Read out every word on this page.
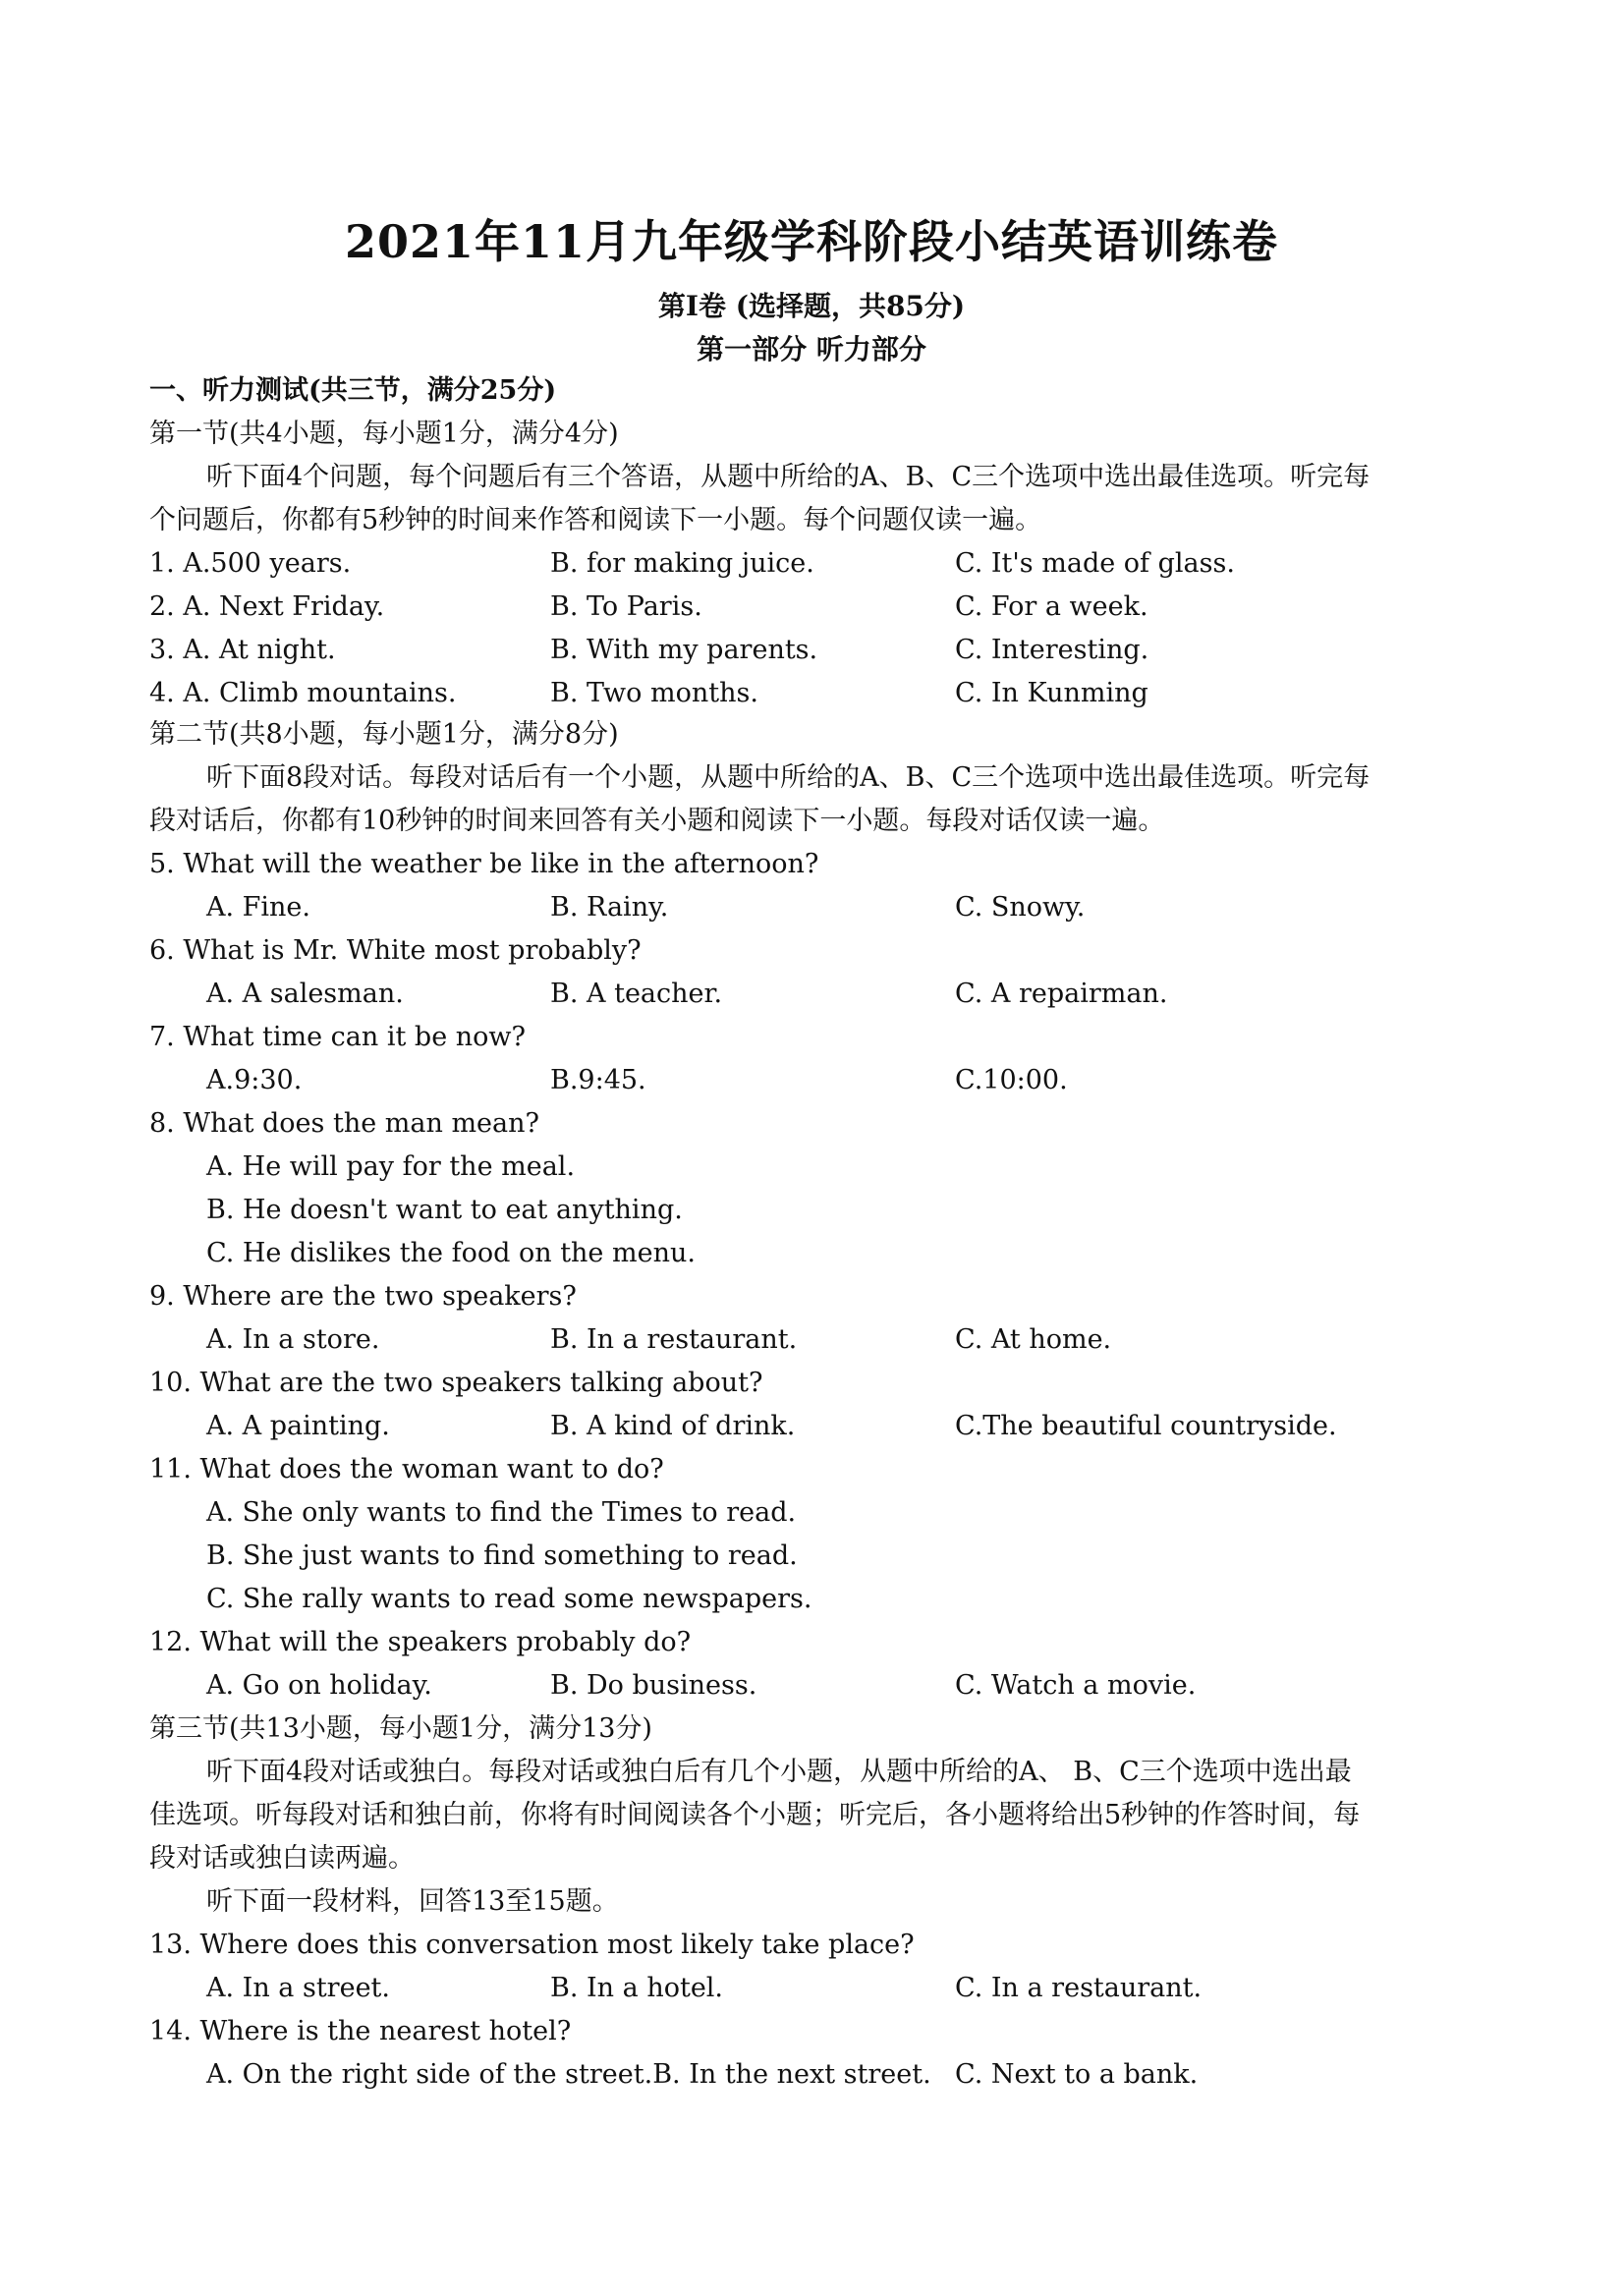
2021年11月九年级学科阶段小结英语训练卷
第I卷 (选择题，共85分)
第一部分 听力部分
一、听力测试(共三节，满分25分)
第一节(共4小题，每小题1分，满分4分)
听下面4个问题，每个问题后有三个答语，从题中所给的A、B、C三个选项中选出最佳选项。听完每
个问题后，你都有5秒钟的时间来作答和阅读下一小题。每个问题仅读一遍。
1. A.500 years.	B. for making juice.	C. It's made of glass.
2. A. Next Friday.	B. To Paris.	C. For a week.
3. A. At night.	B. With my parents.	C. Interesting.
4. A. Climb mountains.	B. Two months.	C. In Kunming
第二节(共8小题，每小题1分，满分8分)
听下面8段对话。每段对话后有一个小题，从题中所给的A、B、C三个选项中选出最佳选项。听完每
段对话后，你都有10秒钟的时间来回答有关小题和阅读下一小题。每段对话仅读一遍。
5. What will the weather be like in the afternoon?
A. Fine.	B. Rainy.	C. Snowy.
6. What is Mr. White most probably?
A. A salesman.	B. A teacher.	C. A repairman.
7. What time can it be now?
A.9:30.	B.9:45.	C.10:00.
8. What does the man mean?
A. He will pay for the meal.
B. He doesn't want to eat anything.
C. He dislikes the food on the menu.
9. Where are the two speakers?
A. In a store.	B. In a restaurant.	C. At home.
10. What are the two speakers talking about?
A. A painting.	B. A kind of drink.	C.The beautiful countryside.
11. What does the woman want to do?
A. She only wants to find the Times to read.
B. She just wants to find something to read.
C. She rally wants to read some newspapers.
12. What will the speakers probably do?
A. Go on holiday.	B. Do business.	C. Watch a movie.
第三节(共13小题，每小题1分，满分13分)
听下面4段对话或独白。每段对话或独白后有几个小题，从题中所给的A、 B、C三个选项中选出最
佳选项。听每段对话和独白前，你将有时间阅读各个小题；听完后，各小题将给出5秒钟的作答时间，每
段对话或独白读两遍。
听下面一段材料，回答13至15题。
13. Where does this conversation most likely take place?
A. In a street.	B. In a hotel.	C. In a restaurant.
14. Where is the nearest hotel?
A. On the right side of the street.B. In the next street. C. Next to a bank.
